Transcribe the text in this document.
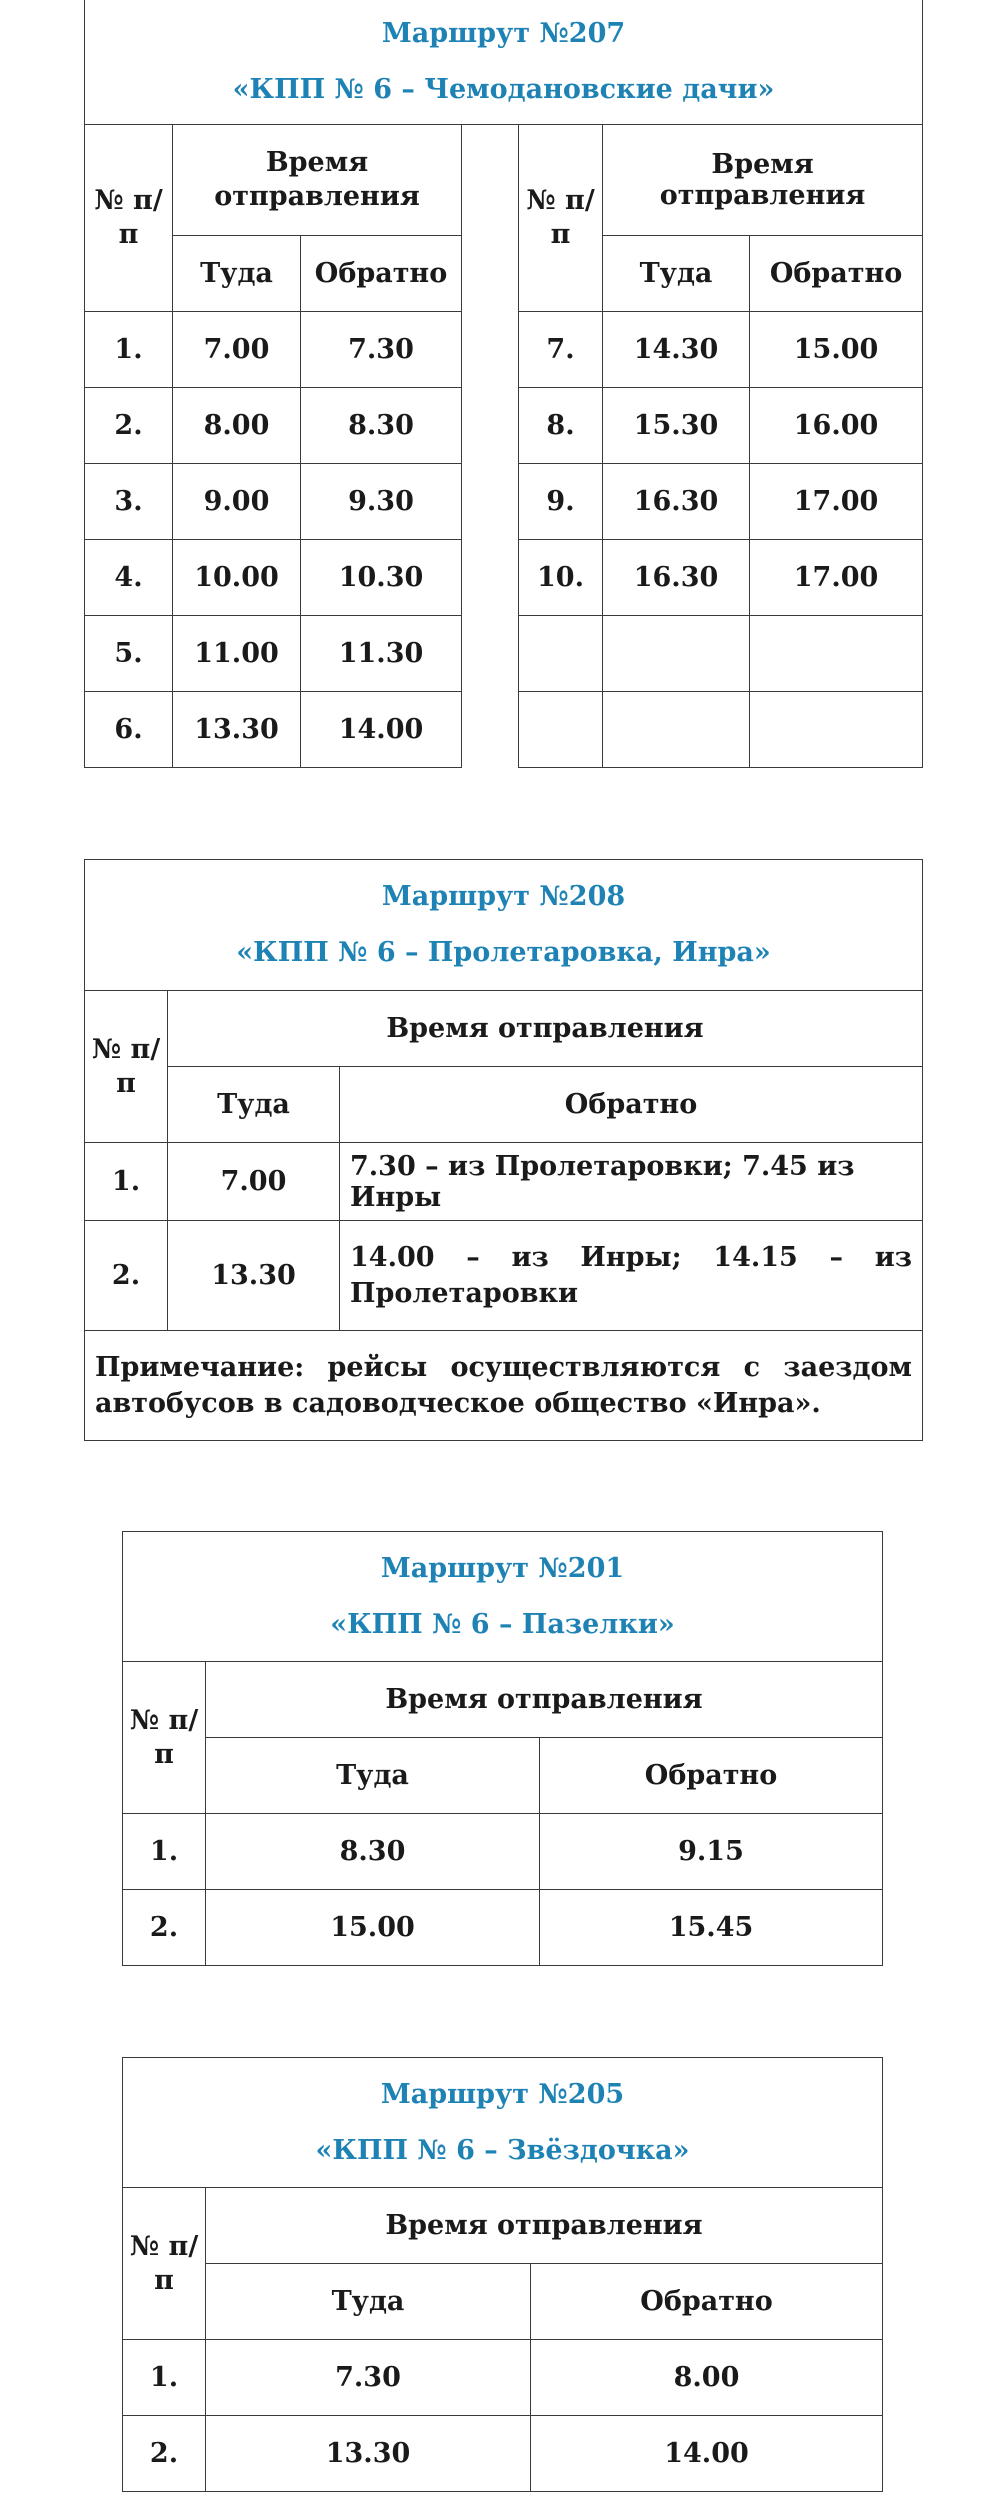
Маршрут №207
«КПП № 6 – Чемодановские дачи»						

№ п/п	Время отправления			№ п/п	Время отправления	
	Туда	Обратно			Туда	Обратно
1.	7.00	7.30		7.	14.30	15.00
2.	8.00	8.30		8.	15.30	16.00
3.	9.00	9.30		9.	16.30	17.00
4.	10.00	10.30		10.	16.30	17.00
5.	11.00	11.30				
6.	13.30	14.00				
Маршрут №208
«КПП № 6 – Пролетаровка, Инра»		

№ п/п	Время отправления	
	Туда	Обратно
1.	7.00	7.30 – из Пролетаровки; 7.45 из Инры
2.	13.30	14.00 – из Инры; 14.15 – из Пролетаровки
Примечание: рейсы осуществляются с заездом автобусов в садоводческое общество «Инра».		
Маршрут №201
«КПП № 6 – Пазелки»		

№ п/п	Время отправления	
	Туда	Обратно
1.	8.30	9.15
2.	15.00	15.45
Маршрут №205
«КПП № 6 – Звёздочка»		

№ п/п	Время отправления	
	Туда	Обратно
1.	7.30	8.00
2.	13.30	14.00
